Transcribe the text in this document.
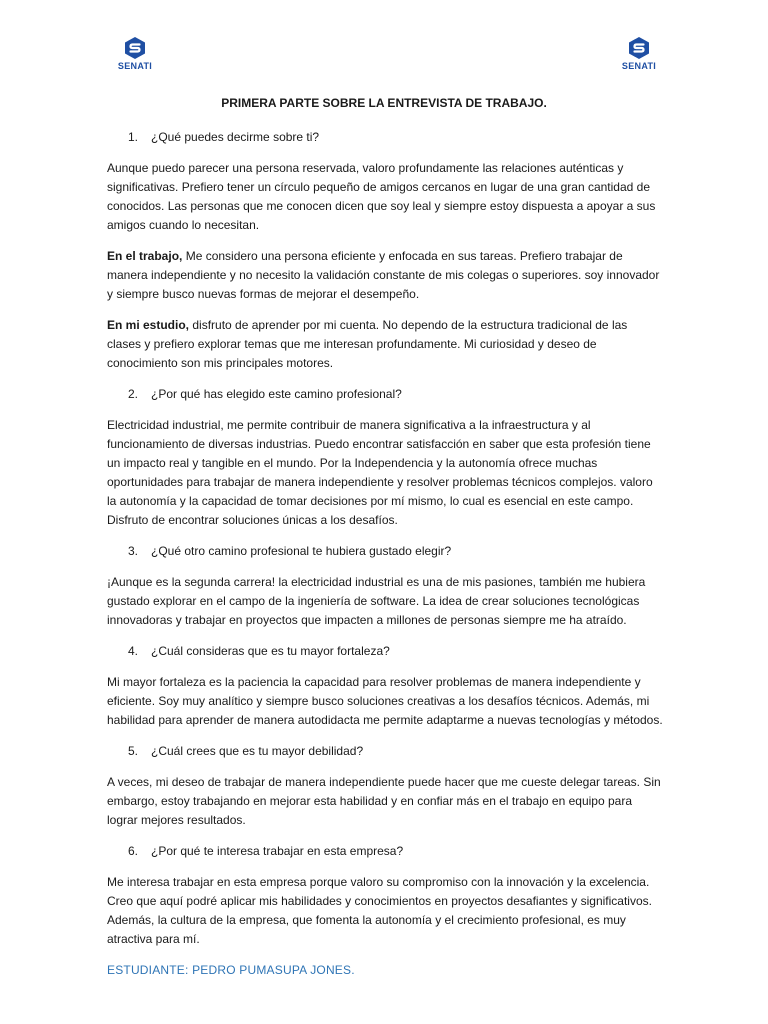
SENATI	SENATI
PRIMERA PARTE SOBRE LA ENTREVISTA DE TRABAJO.
1.	¿Qué puedes decirme sobre ti?
Aunque puedo parecer una persona reservada, valoro profundamente las relaciones auténticas y significativas. Prefiero tener un círculo pequeño de amigos cercanos en lugar de una gran cantidad de conocidos. Las personas que me conocen dicen que soy leal y siempre estoy dispuesta a apoyar a sus amigos cuando lo necesitan.
En el trabajo, Me considero una persona eficiente y enfocada en sus tareas. Prefiero trabajar de manera independiente y no necesito la validación constante de mis colegas o superiores. soy innovador y siempre busco nuevas formas de mejorar el desempeño.
En mi estudio, disfruto de aprender por mi cuenta. No dependo de la estructura tradicional de las clases y prefiero explorar temas que me interesan profundamente. Mi curiosidad y deseo de conocimiento son mis principales motores.
2.	¿Por qué has elegido este camino profesional?
Electricidad industrial, me permite contribuir de manera significativa a la infraestructura y al funcionamiento de diversas industrias. Puedo encontrar satisfacción en saber que esta profesión tiene un impacto real y tangible en el mundo. Por la Independencia y la autonomía ofrece muchas oportunidades para trabajar de manera independiente y resolver problemas técnicos complejos. valoro la autonomía y la capacidad de tomar decisiones por mí mismo, lo cual es esencial en este campo. Disfruto de encontrar soluciones únicas a los desafíos.
3.	¿Qué otro camino profesional te hubiera gustado elegir?
¡Aunque es la segunda carrera! la electricidad industrial es una de mis pasiones, también me hubiera gustado explorar en el campo de la ingeniería de software. La idea de crear soluciones tecnológicas innovadoras y trabajar en proyectos que impacten a millones de personas siempre me ha atraído.
4.	¿Cuál consideras que es tu mayor fortaleza?
Mi mayor fortaleza es la paciencia la capacidad para resolver problemas de manera independiente y eficiente. Soy muy analítico y siempre busco soluciones creativas a los desafíos técnicos. Además, mi habilidad para aprender de manera autodidacta me permite adaptarme a nuevas tecnologías y métodos.
5.	¿Cuál crees que es tu mayor debilidad?
A veces, mi deseo de trabajar de manera independiente puede hacer que me cueste delegar tareas. Sin embargo, estoy trabajando en mejorar esta habilidad y en confiar más en el trabajo en equipo para lograr mejores resultados.
6.	¿Por qué te interesa trabajar en esta empresa?
Me interesa trabajar en esta empresa porque valoro su compromiso con la innovación y la excelencia. Creo que aquí podré aplicar mis habilidades y conocimientos en proyectos desafiantes y significativos. Además, la cultura de la empresa, que fomenta la autonomía y el crecimiento profesional, es muy atractiva para mí.
ESTUDIANTE: PEDRO PUMASUPA JONES.
